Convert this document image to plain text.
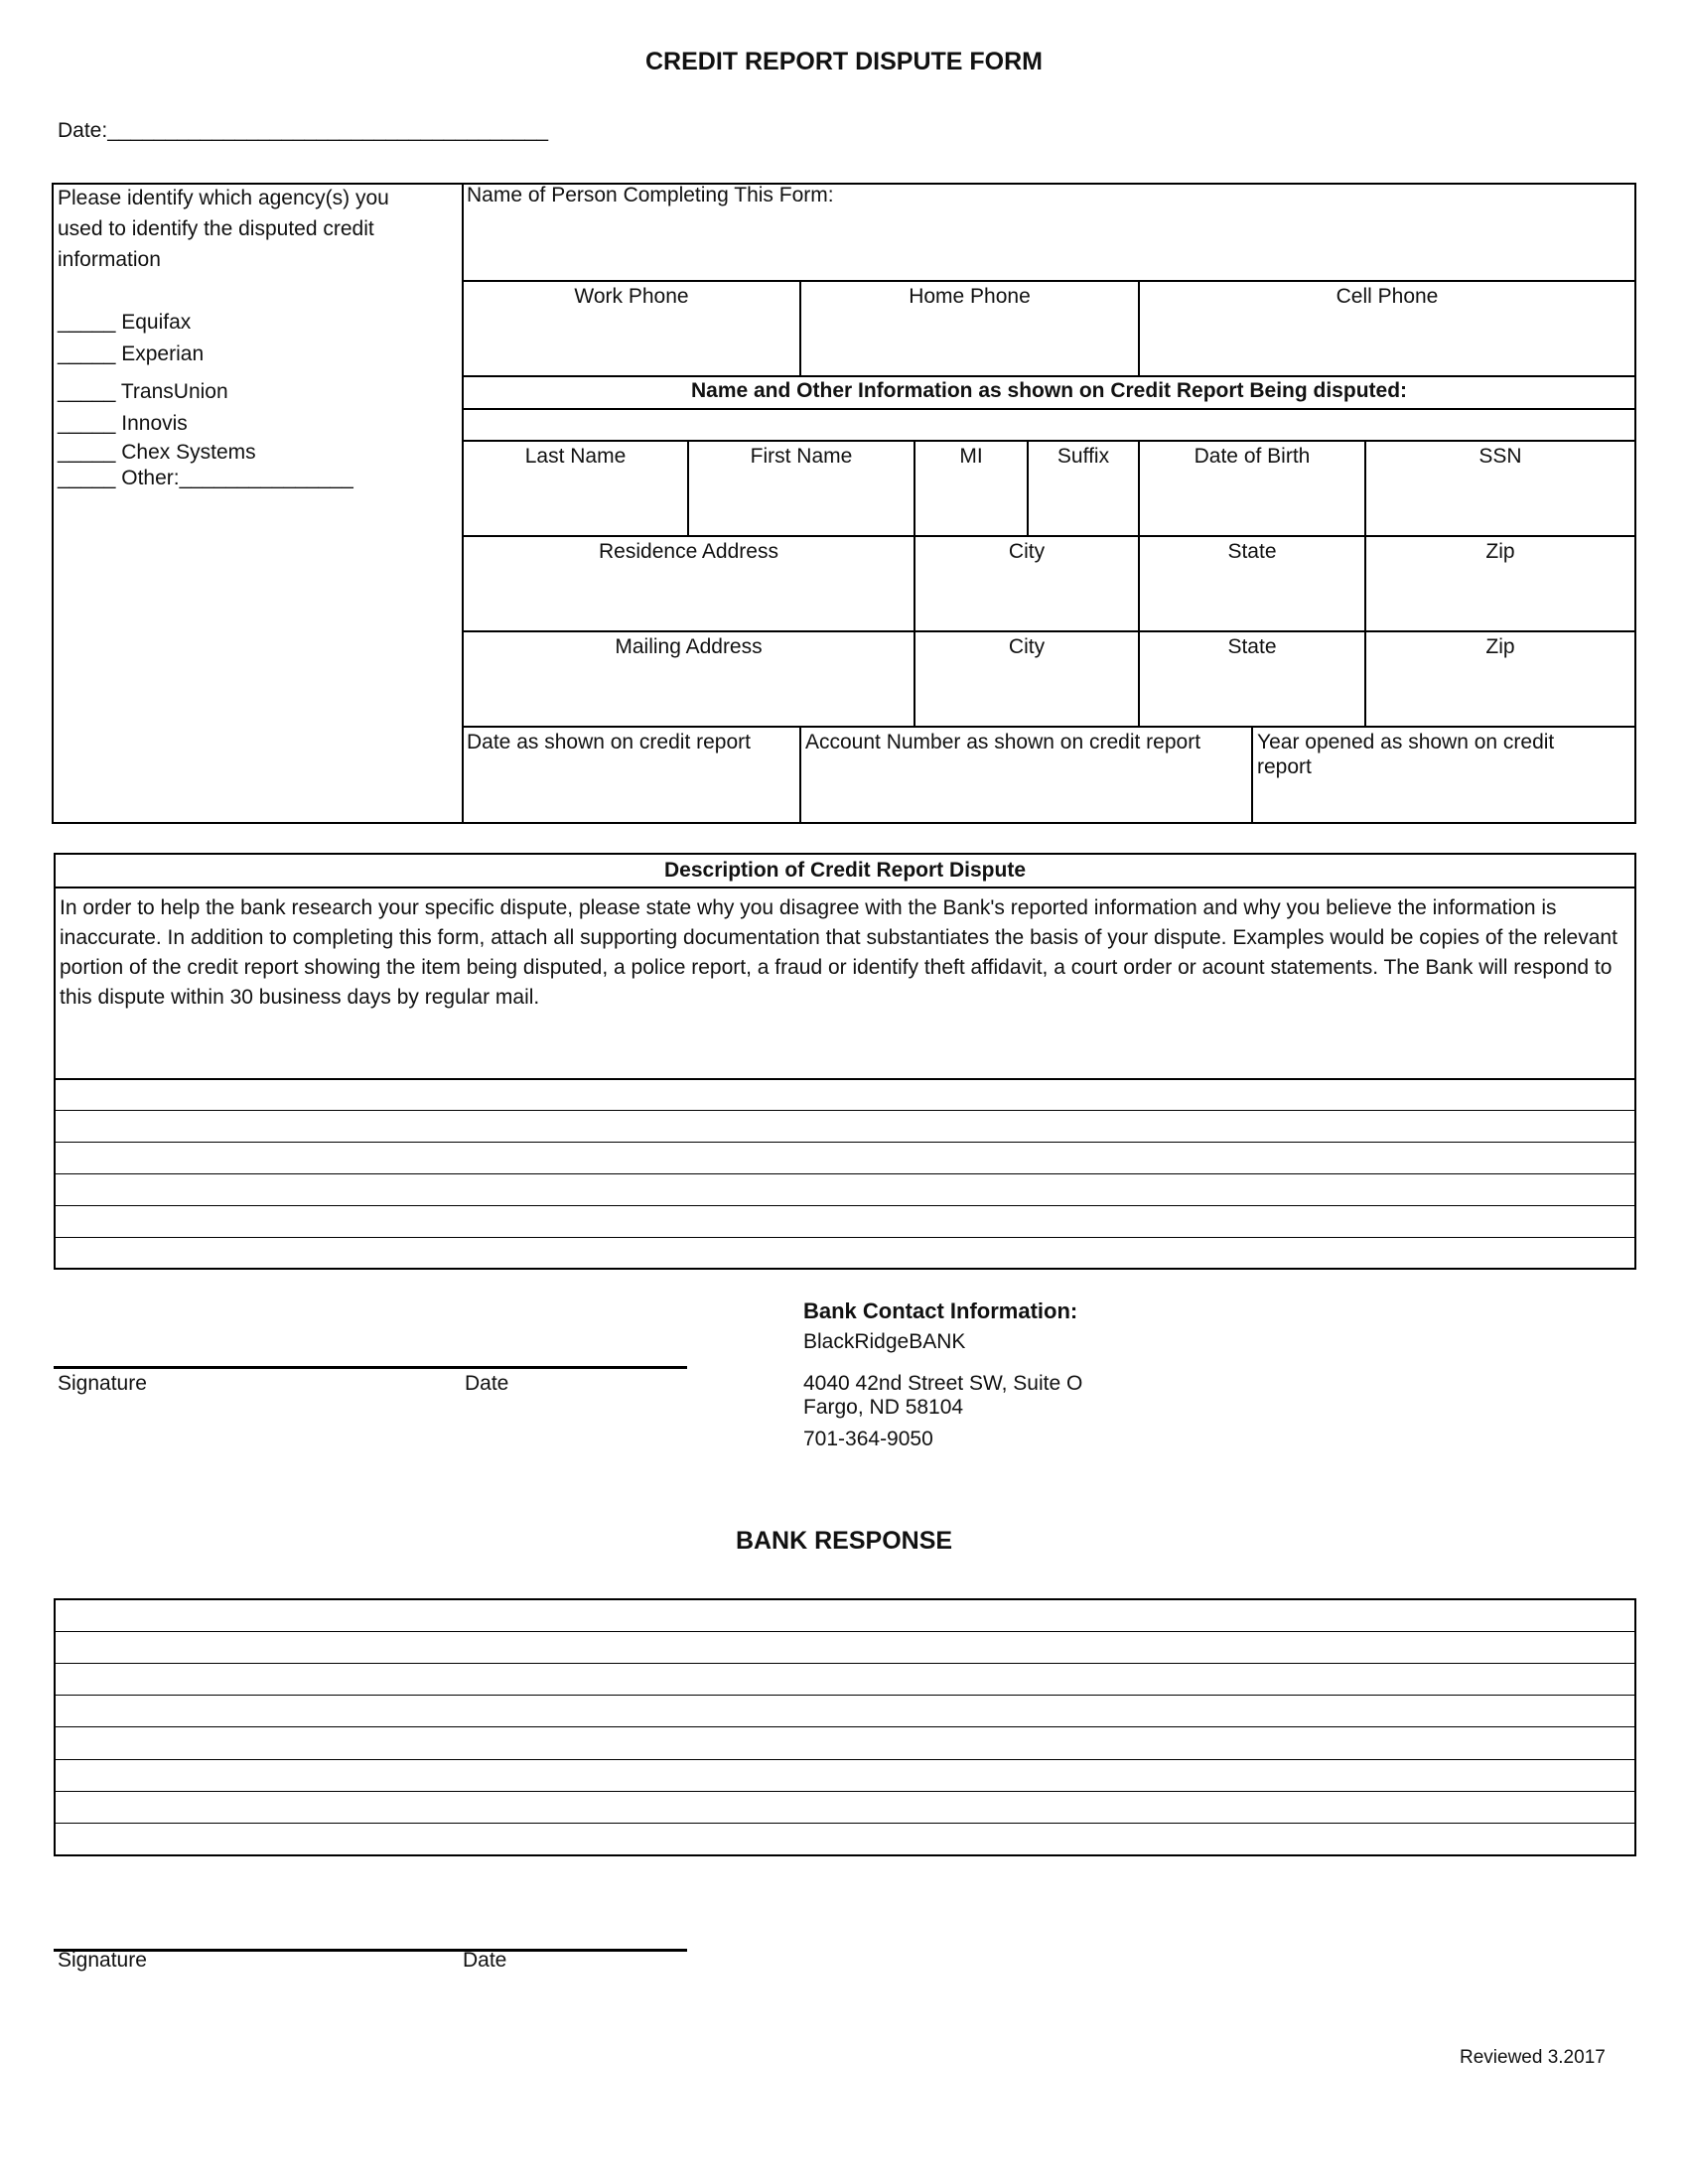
CREDIT REPORT DISPUTE FORM
Date:______________________________________
Please identify which agency(s) you used to identify the disputed credit information
_____ Equifax
_____ Experian
_____ TransUnion
_____ Innovis
_____ Chex Systems
_____ Other:_______________
Name of Person Completing This Form:
Work Phone	Home Phone	Cell Phone
Name and Other Information as shown on Credit Report Being disputed:
Last Name	First Name	MI	Suffix	Date of Birth	SSN
Residence Address	City	State	Zip
Mailing Address	City	State	Zip
Date as shown on credit report	Account Number as shown on credit report	Year opened as shown on credit report
Description of Credit Report Dispute
In order to help the bank research your specific dispute, please state why you disagree with the Bank's reported information and why you believe the information is inaccurate. In addition to completing this form, attach all supporting documentation that substantiates the basis of your dispute. Examples would be copies of the relevant portion of the credit report showing the item being disputed, a police report, a fraud or identify theft affidavit, a court order or acount statements. The Bank will respond to this dispute within 30 business days by regular mail.
Signature	Date
Bank Contact Information:
BlackRidgeBANK
4040 42nd Street SW, Suite O
Fargo, ND 58104
701-364-9050
BANK RESPONSE
Signature	Date
Reviewed 3.2017
